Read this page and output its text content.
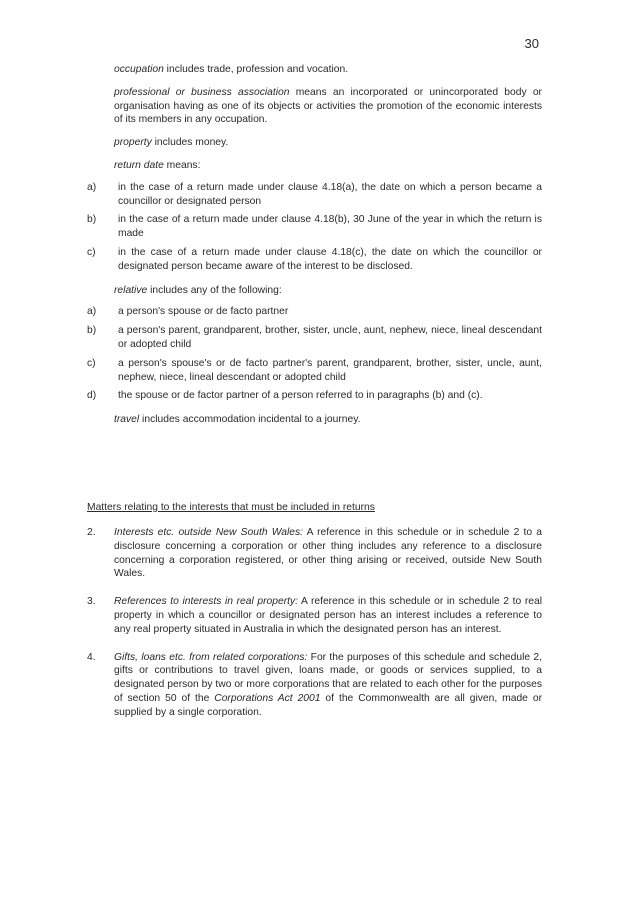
30

occupation includes trade, profession and vocation.

professional or business association means an incorporated or unincorporated body or organisation having as one of its objects or activities the promotion of the economic interests of its members in any occupation.

property includes money.

return date means:

a)	in the case of a return made under clause 4.18(a), the date on which a person became a councillor or designated person
b)	in the case of a return made under clause 4.18(b), 30 June of the year in which the return is made
c)	in the case of a return made under clause 4.18(c), the date on which the councillor or designated person became aware of the interest to be disclosed.

relative includes any of the following:

a)	a person's spouse or de facto partner
b)	a person's parent, grandparent, brother, sister, uncle, aunt, nephew, niece, lineal descendant or adopted child
c)	a person's spouse's or de facto partner's parent, grandparent, brother, sister, uncle, aunt, nephew, niece, lineal descendant or adopted child
d)	the spouse or de factor partner of a person referred to in paragraphs (b) and (c).

travel includes accommodation incidental to a journey.

Matters relating to the interests that must be included in returns
2.	Interests etc. outside New South Wales: A reference in this schedule or in schedule 2 to a disclosure concerning a corporation or other thing includes any reference to a disclosure concerning a corporation registered, or other thing arising or received, outside New South Wales.
3.	References to interests in real property: A reference in this schedule or in schedule 2 to real property in which a councillor or designated person has an interest includes a reference to any real property situated in Australia in which the designated person has an interest.
4.	Gifts, loans etc. from related corporations: For the purposes of this schedule and schedule 2, gifts or contributions to travel given, loans made, or goods or services supplied, to a designated person by two or more corporations that are related to each other for the purposes of section 50 of the Corporations Act 2001 of the Commonwealth are all given, made or supplied by a single corporation.
